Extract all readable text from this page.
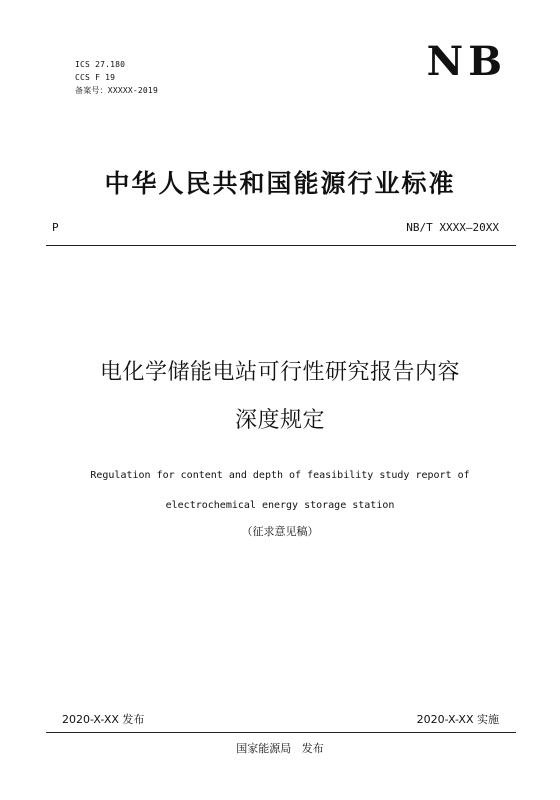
ICS 27.180
CCS F 19
备案号：XXXXX-2019
NB
中华人民共和国能源行业标准
P	NB/T XXXX—20XX
电化学储能电站可行性研究报告内容
深度规定
Regulation for content and depth of feasibility study report of
electrochemical energy storage station
（征求意见稿）
2020-X-XX 发布	2020-X-XX 实施
国家能源局   发布
